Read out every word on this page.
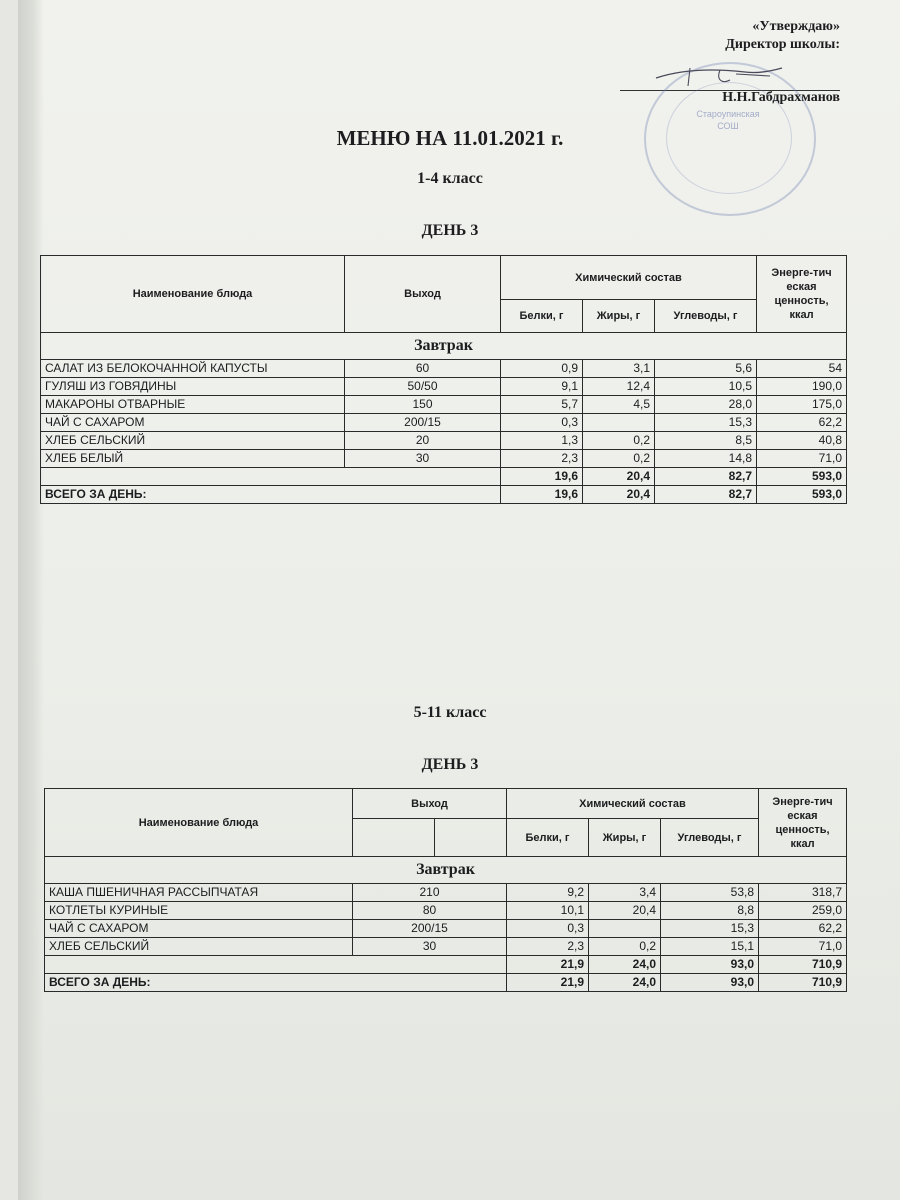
«Утверждаю»
Директор школы:
Староупинская
СОШ
Н.Н.Габдрахманов
МЕНЮ НА 11.01.2021 г.
1-4 класс
ДЕНЬ 3
Наименование блюда	Выход	Химический состав			Энерге-тич еская ценность, ккал
		Белки, г	Жиры, г	Углеводы, г	
Завтрак					
САЛАТ ИЗ БЕЛОКОЧАННОЙ КАПУСТЫ	60	0,9	3,1	5,6	54
ГУЛЯШ ИЗ ГОВЯДИНЫ	50/50	9,1	12,4	10,5	190,0
МАКАРОНЫ ОТВАРНЫЕ	150	5,7	4,5	28,0	175,0
ЧАЙ С САХАРОМ	200/15	0,3		15,3	62,2
ХЛЕБ СЕЛЬСКИЙ	20	1,3	0,2	8,5	40,8
ХЛЕБ БЕЛЫЙ	30	2,3	0,2	14,8	71,0
		19,6	20,4	82,7	593,0
ВСЕГО ЗА ДЕНЬ:		19,6	20,4	82,7	593,0
5-11 класс
ДЕНЬ 3
Наименование блюда	Выход		Химический состав			Энерге-тич еская ценность, ккал
			Белки, г	Жиры, г	Углеводы, г	
Завтрак						
КАША ПШЕНИЧНАЯ РАССЫПЧАТАЯ	210		9,2	3,4	53,8	318,7
КОТЛЕТЫ КУРИНЫЕ	80		10,1	20,4	8,8	259,0
ЧАЙ С САХАРОМ	200/15		0,3		15,3	62,2
ХЛЕБ СЕЛЬСКИЙ	30		2,3	0,2	15,1	71,0
			21,9	24,0	93,0	710,9
ВСЕГО ЗА ДЕНЬ:			21,9	24,0	93,0	710,9
